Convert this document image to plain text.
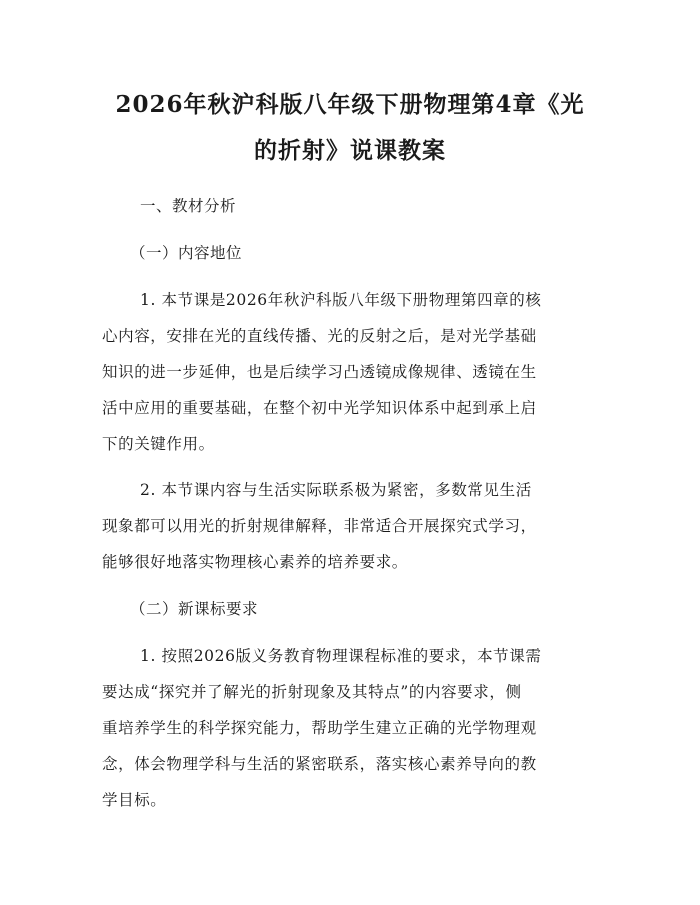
2026年秋沪科版八年级下册物理第4章《光
的折射》说课教案
一、教材分析
（一）内容地位
1. 本节课是2026年秋沪科版八年级下册物理第四章的核
心内容，安排在光的直线传播、光的反射之后，是对光学基础
知识的进一步延伸，也是后续学习凸透镜成像规律、透镜在生
活中应用的重要基础，在整个初中光学知识体系中起到承上启
下的关键作用。
2. 本节课内容与生活实际联系极为紧密，多数常见生活
现象都可以用光的折射规律解释，非常适合开展探究式学习，
能够很好地落实物理核心素养的培养要求。
（二）新课标要求
1. 按照2026版义务教育物理课程标准的要求，本节课需
要达成“探究并了解光的折射现象及其特点”的内容要求，侧
重培养学生的科学探究能力，帮助学生建立正确的光学物理观
念，体会物理学科与生活的紧密联系，落实核心素养导向的教
学目标。
